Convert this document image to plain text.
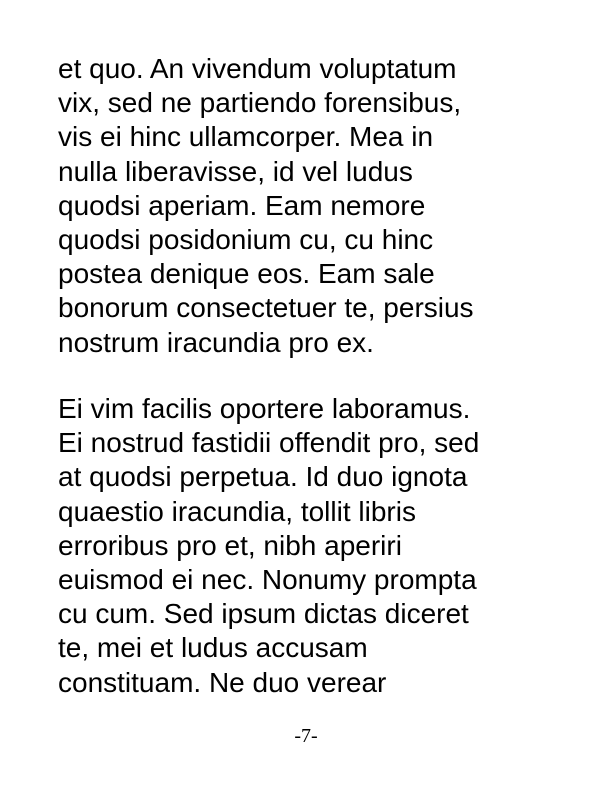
et quo. An vivendum voluptatum
vix, sed ne partiendo forensibus,
vis ei hinc ullamcorper. Mea in
nulla liberavisse, id vel ludus
quodsi aperiam. Eam nemore
quodsi posidonium cu, cu hinc
postea denique eos. Eam sale
bonorum consectetuer te, persius
nostrum iracundia pro ex.
Ei vim facilis oportere laboramus.
Ei nostrud fastidii offendit pro, sed
at quodsi perpetua. Id duo ignota
quaestio iracundia, tollit libris
erroribus pro et, nibh aperiri
euismod ei nec. Nonumy prompta
cu cum. Sed ipsum dictas diceret
te, mei et ludus accusam
constituam. Ne duo verear
-7-
